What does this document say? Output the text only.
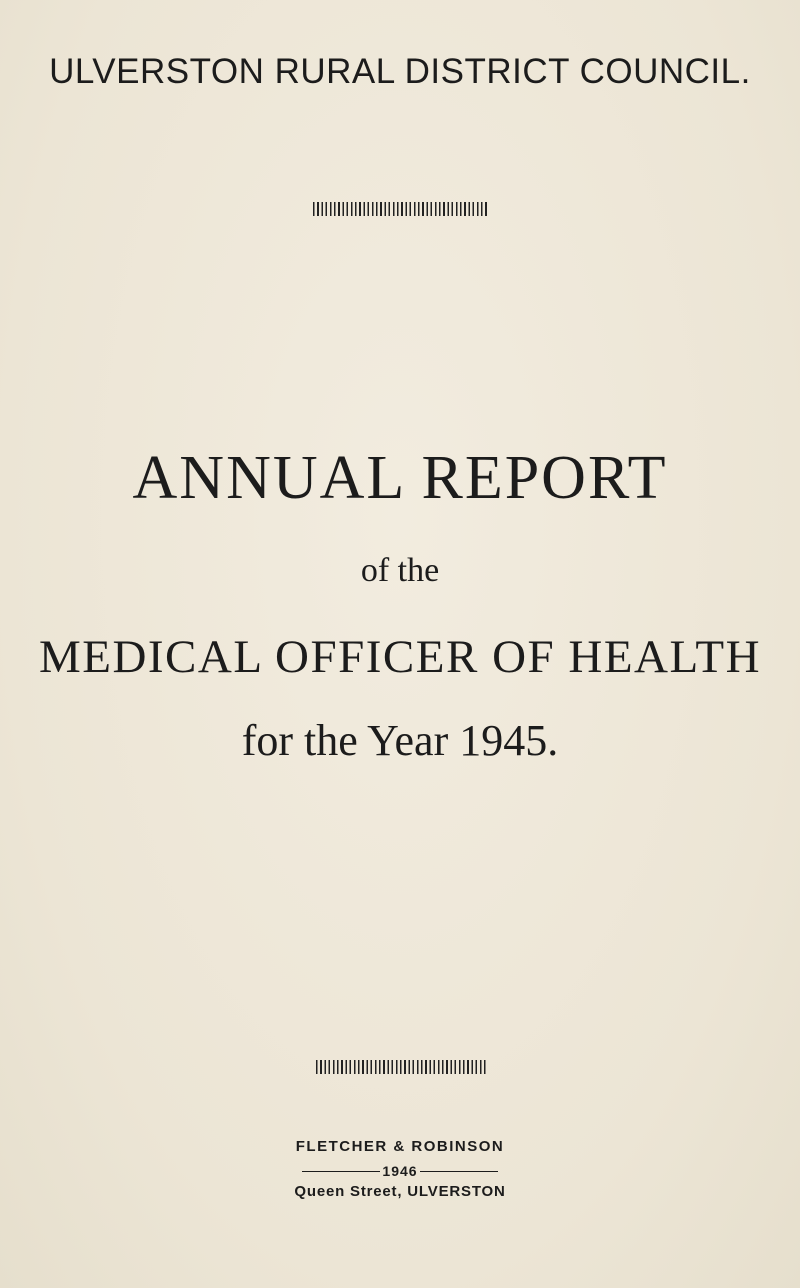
ULVERSTON RURAL DISTRICT COUNCIL.
ANNUAL REPORT
of the
MEDICAL OFFICER OF HEALTH
for the Year 1945.
FLETCHER & ROBINSON
1946
Queen Street, ULVERSTON
